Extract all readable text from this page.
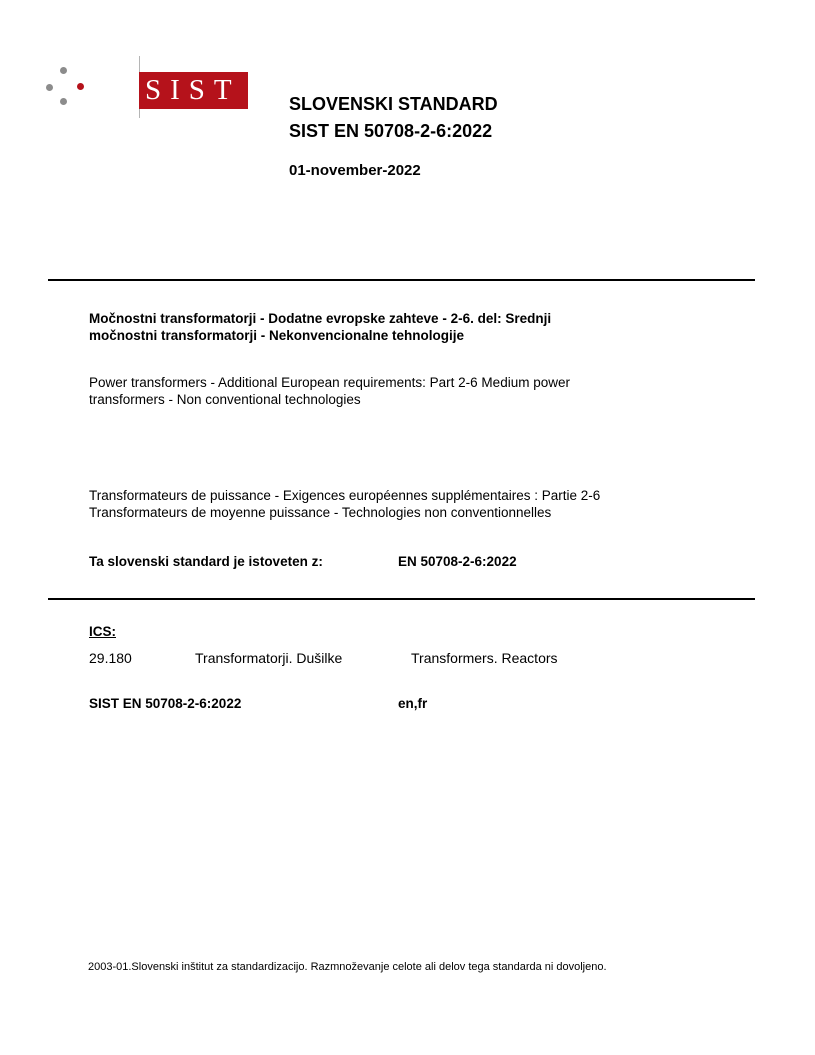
SIST	SLOVENSKI STANDARD
SIST EN 50708-2-6:2022
01-november-2022
Močnostni transformatorji - Dodatne evropske zahteve - 2-6. del: Srednji
močnostni transformatorji - Nekonvencionalne tehnologije
Power transformers - Additional European requirements: Part 2-6 Medium power
transformers - Non conventional technologies
Transformateurs de puissance - Exigences européennes supplémentaires : Partie 2-6
Transformateurs de moyenne puissance - Technologies non conventionnelles
Ta slovenski standard je istoveten z:	EN 50708-2-6:2022
ICS:
29.180	Transformatorji. Dušilke	Transformers. Reactors
SIST EN 50708-2-6:2022	en,fr
2003-01.Slovenski inštitut za standardizacijo. Razmnoževanje celote ali delov tega standarda ni dovoljeno.
